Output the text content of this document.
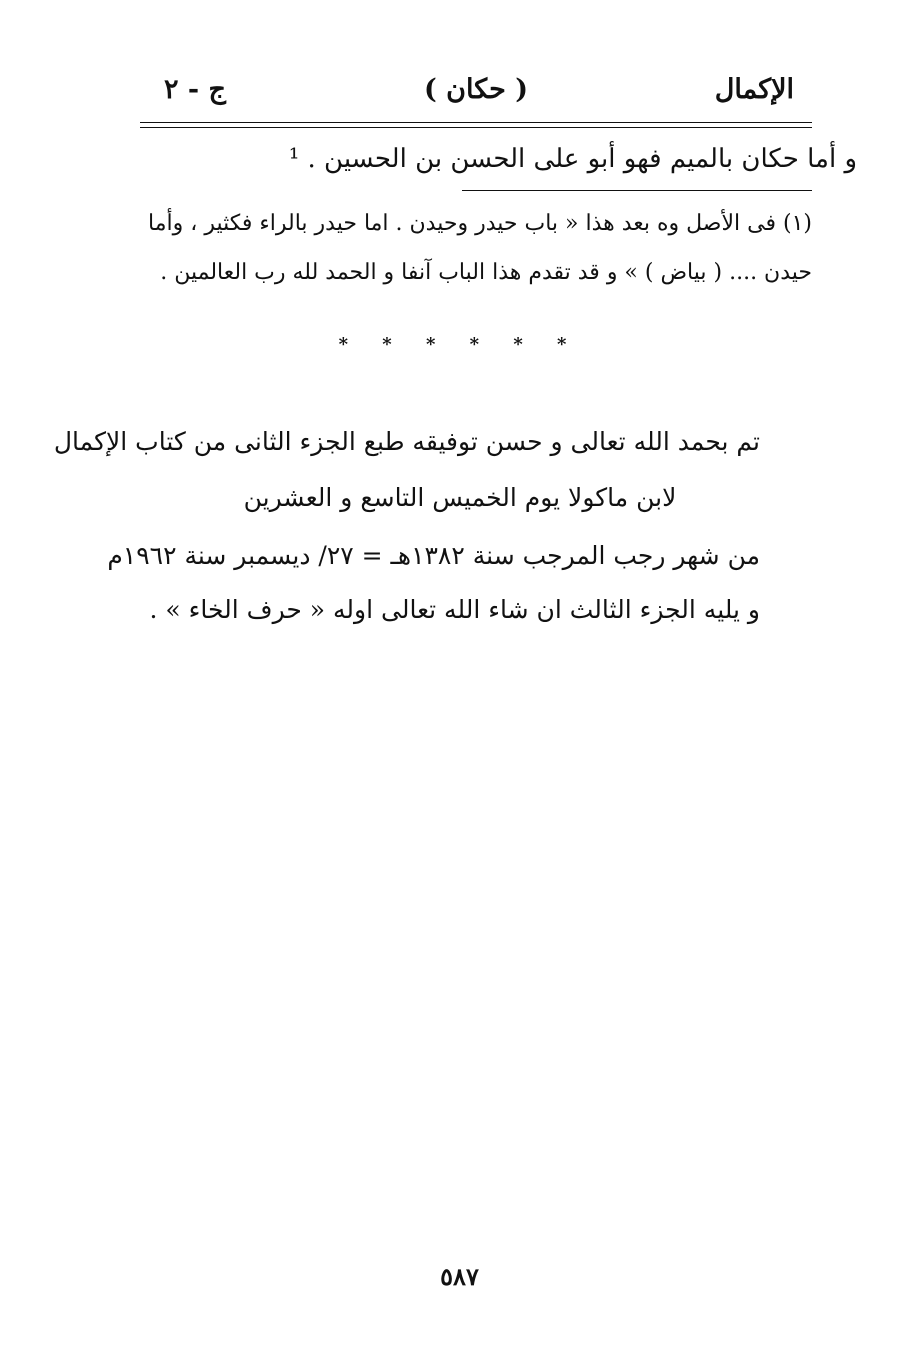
الإكمال
( حكان )
ج - ٢
و أما حكان بالميم فهو أبو على الحسن بن الحسين . ¹
(١) فى الأصل وه بعد هذا « باب حيدر وحيدن . اما حيدر بالراء فكثير ، وأما
حيدن .... ( بياض ) » و قد تقدم هذا الباب آنفا و الحمد لله رب العالمين .
* * * * * *
تم بحمد الله تعالى و حسن توفيقه طبع الجزء الثانى من كتاب الإكمال
لابن ماكولا يوم الخميس التاسع و العشرين
من شهر رجب المرجب سنة ١٣٨٢هـ = ٢٧/ ديسمبر سنة ١٩٦٢م
و يليه الجزء الثالث ان شاء الله تعالى اوله « حرف الخاء » .
٥٨٧
